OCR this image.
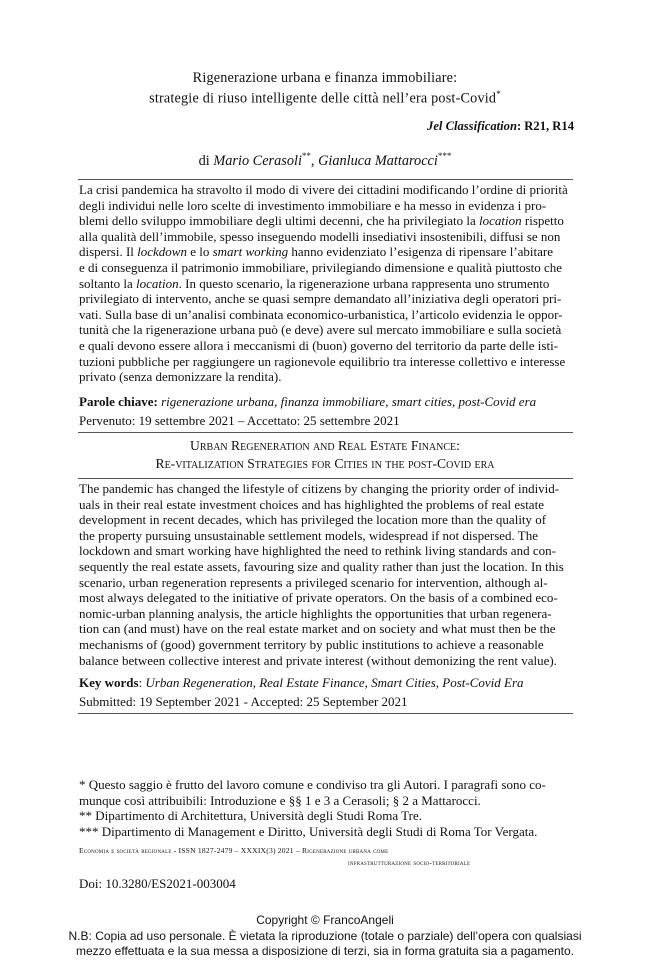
Rigenerazione urbana e finanza immobiliare:
strategie di riuso intelligente delle città nell’era post-Covid*
Jel Classification: R21, R14
di Mario Cerasoli**, Gianluca Mattarocci***
La crisi pandemica ha stravolto il modo di vivere dei cittadini modificando l’ordine di priorità
degli individui nelle loro scelte di investimento immobiliare e ha messo in evidenza i pro-
blemi dello sviluppo immobiliare degli ultimi decenni, che ha privilegiato la location rispetto
alla qualità dell’immobile, spesso inseguendo modelli insediativi insostenibili, diffusi se non
dispersi. Il lockdown e lo smart working hanno evidenziato l’esigenza di ripensare l’abitare
e di conseguenza il patrimonio immobiliare, privilegiando dimensione e qualità piuttosto che
soltanto la location. In questo scenario, la rigenerazione urbana rappresenta uno strumento
privilegiato di intervento, anche se quasi sempre demandato all’iniziativa degli operatori pri-
vati. Sulla base di un’analisi combinata economico-urbanistica, l’articolo evidenzia le oppor-
tunità che la rigenerazione urbana può (e deve) avere sul mercato immobiliare e sulla società
e quali devono essere allora i meccanismi di (buon) governo del territorio da parte delle isti-
tuzioni pubbliche per raggiungere un ragionevole equilibrio tra interesse collettivo e interesse
privato (senza demonizzare la rendita).
Parole chiave: rigenerazione urbana, finanza immobiliare, smart cities, post-Covid era
Pervenuto: 19 settembre 2021 – Accettato: 25 settembre 2021
Urban Regeneration and Real Estate Finance:
Re-vitalization Strategies for Cities in the post-Covid era
The pandemic has changed the lifestyle of citizens by changing the priority order of individ-
uals in their real estate investment choices and has highlighted the problems of real estate
development in recent decades, which has privileged the location more than the quality of
the property pursuing unsustainable settlement models, widespread if not dispersed. The
lockdown and smart working have highlighted the need to rethink living standards and con-
sequently the real estate assets, favouring size and quality rather than just the location. In this
scenario, urban regeneration represents a privileged scenario for intervention, although al-
most always delegated to the initiative of private operators. On the basis of a combined eco-
nomic-urban planning analysis, the article highlights the opportunities that urban regenera-
tion can (and must) have on the real estate market and on society and what must then be the
mechanisms of (good) government territory by public institutions to achieve a reasonable
balance between collective interest and private interest (without demonizing the rent value).
Key words: Urban Regeneration, Real Estate Finance, Smart Cities, Post-Covid Era
Submitted: 19 September 2021 - Accepted: 25 September 2021
* Questo saggio è frutto del lavoro comune e condiviso tra gli Autori. I paragrafi sono co-
munque così attribuibili: Introduzione e §§ 1 e 3 a Cerasoli; § 2 a Mattarocci.
** Dipartimento di Architettura, Università degli Studi Roma Tre.
*** Dipartimento di Management e Diritto, Università degli Studi di Roma Tor Vergata.
Economia e società regionale - ISSN 1827-2479 – XXXIX(3) 2021 – Rigenerazione urbana come
infrastrutturazione socio-territoriale
Doi: 10.3280/ES2021-003004
Copyright © FrancoAngeli
N.B: Copia ad uso personale. È vietata la riproduzione (totale o parziale) dell’opera con qualsiasi
mezzo effettuata e la sua messa a disposizione di terzi, sia in forma gratuita sia a pagamento.
